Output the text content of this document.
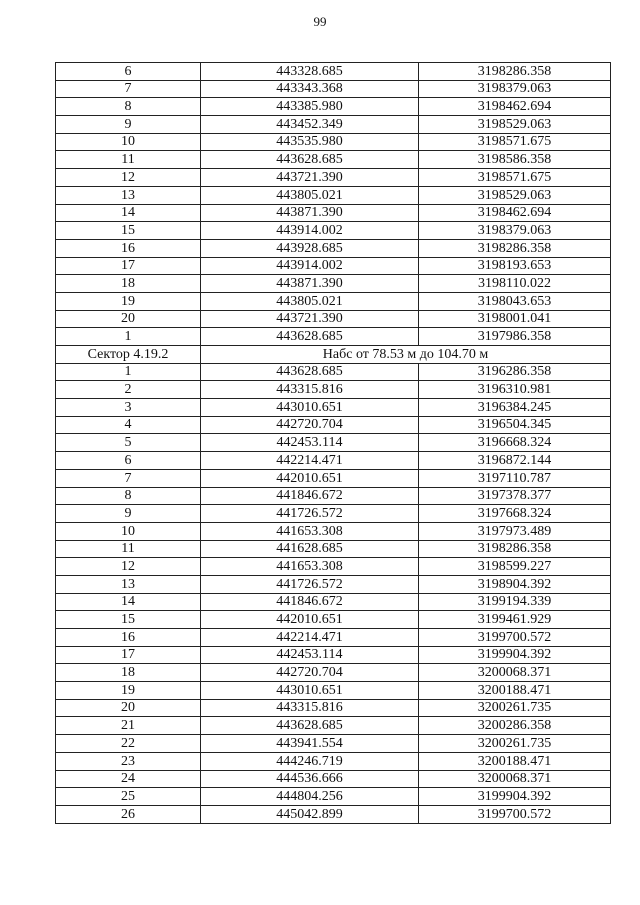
99
6	443328.685	3198286.358
7	443343.368	3198379.063
8	443385.980	3198462.694
9	443452.349	3198529.063
10	443535.980	3198571.675
11	443628.685	3198586.358
12	443721.390	3198571.675
13	443805.021	3198529.063
14	443871.390	3198462.694
15	443914.002	3198379.063
16	443928.685	3198286.358
17	443914.002	3198193.653
18	443871.390	3198110.022
19	443805.021	3198043.653
20	443721.390	3198001.041
1	443628.685	3197986.358
Сектор 4.19.2	Набс от 78.53 м до 104.70 м	
1	443628.685	3196286.358
2	443315.816	3196310.981
3	443010.651	3196384.245
4	442720.704	3196504.345
5	442453.114	3196668.324
6	442214.471	3196872.144
7	442010.651	3197110.787
8	441846.672	3197378.377
9	441726.572	3197668.324
10	441653.308	3197973.489
11	441628.685	3198286.358
12	441653.308	3198599.227
13	441726.572	3198904.392
14	441846.672	3199194.339
15	442010.651	3199461.929
16	442214.471	3199700.572
17	442453.114	3199904.392
18	442720.704	3200068.371
19	443010.651	3200188.471
20	443315.816	3200261.735
21	443628.685	3200286.358
22	443941.554	3200261.735
23	444246.719	3200188.471
24	444536.666	3200068.371
25	444804.256	3199904.392
26	445042.899	3199700.572
